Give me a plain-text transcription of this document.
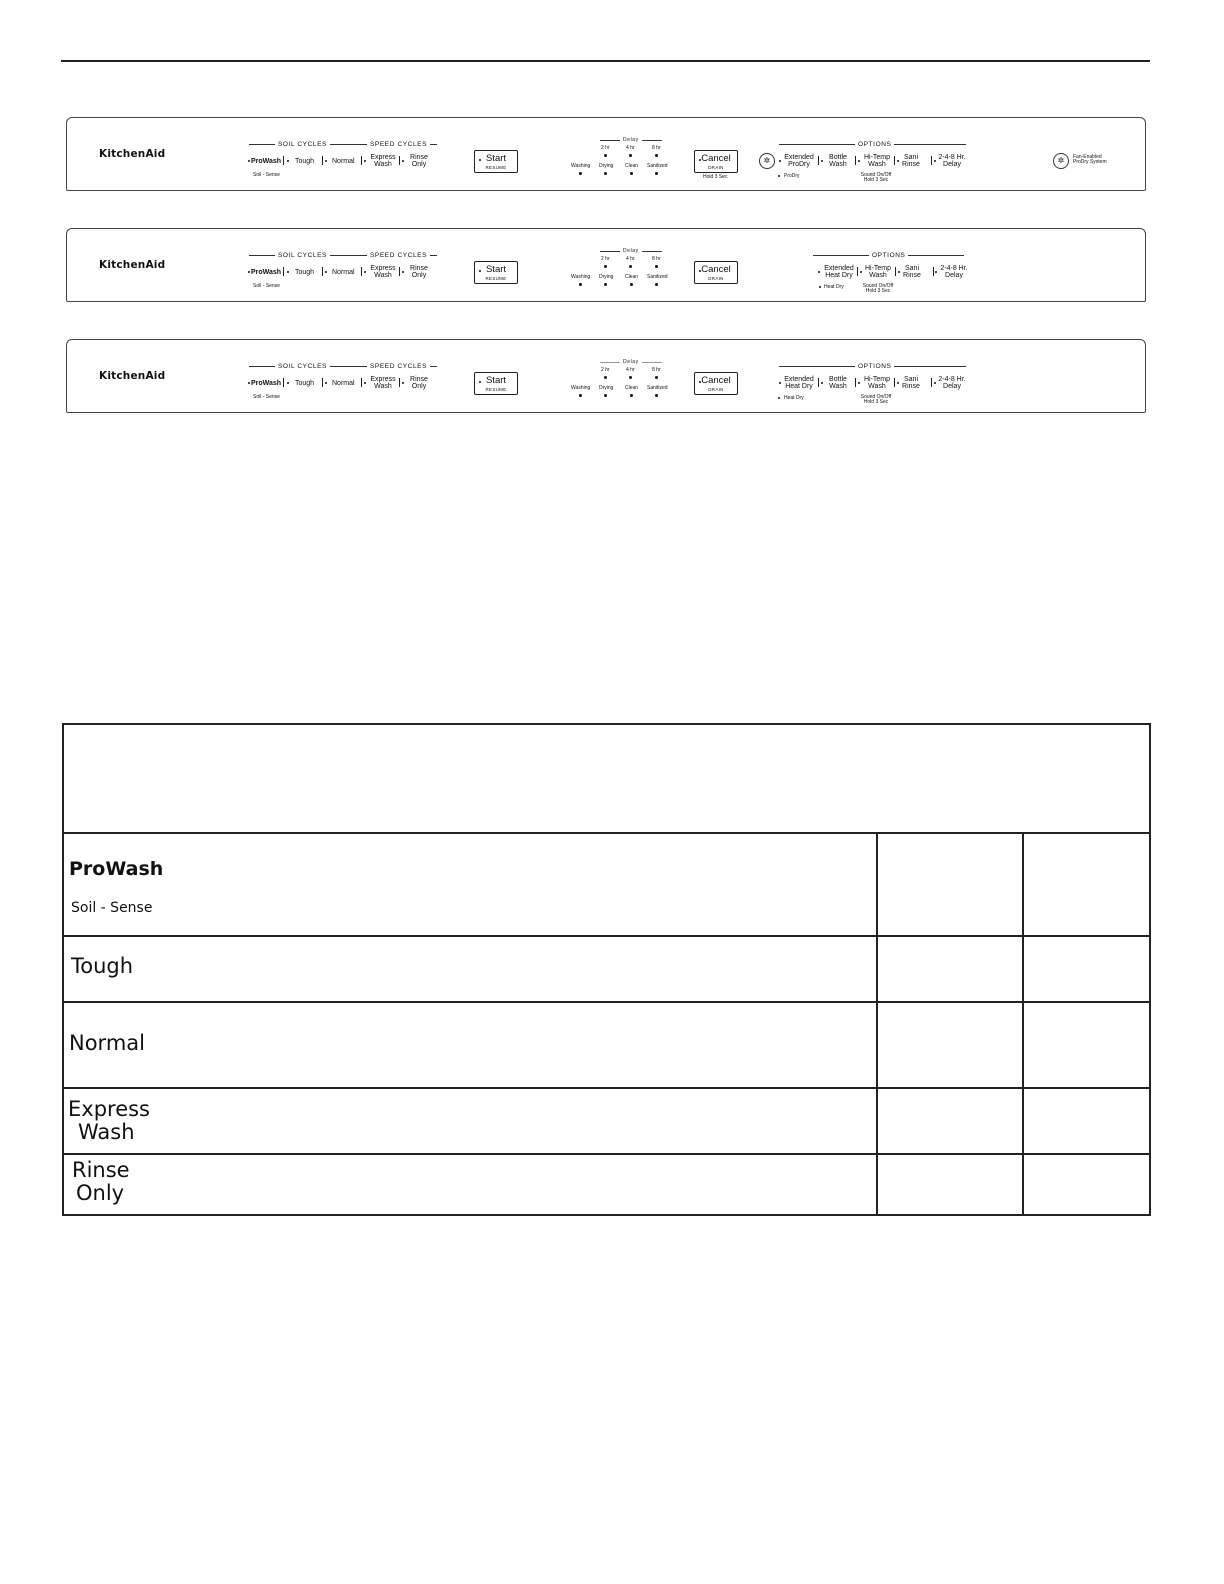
KitchenAid
SOIL CYCLES	SPEED CYCLES
ProWash Tough	Normal
Express
Wash
Rinse
Only
Soil - Sense
Start
RESUME
Delay
2 hr	4 hr	8 hr
Washing Drying Clean Sanitized
Cancel
DRAIN
Hold 3 Sec
✲
OPTIONS
Extended
ProDry
Bottle
Wash
Hi-Temp
Wash
Sani
Rinse
2-4-8 Hr.
Delay
ProDry	Sound On/Off
Hold 3 Sec
✲	Fan-Enabled
ProDry System
KitchenAid
SOIL CYCLES	SPEED CYCLES
ProWash Tough	Normal
Express
Wash
Rinse
Only
Soil - Sense
Start
RESUME
Delay
2 hr	4 hr	8 hr
Washing Drying Clean Sanitized
Cancel
DRAIN
OPTIONS
Extended
Heat Dry
Hi-Temp
Wash
Sani
Rinse
2-4-8 Hr.
Delay
Heat Dry	Sound On/Off
Hold 3 Sec
KitchenAid
SOIL CYCLES	SPEED CYCLES
ProWash Tough	Normal
Express
Wash
Rinse
Only
Soil - Sense
Start
RESUME
Delay
2 hr	4 hr	8 hr
Washing Drying Clean Sanitized
Cancel
DRAIN
OPTIONS
Extended
Heat Dry
Bottle
Wash
Hi-Temp
Wash
Sani
Rinse
2-4-8 Hr.
Delay
Heat Dry	Sound On/Off
Hold 3 Sec

ProWash
Soil - Sense		

Tough		

Normal		

Express
Wash		

Rinse
Only		
